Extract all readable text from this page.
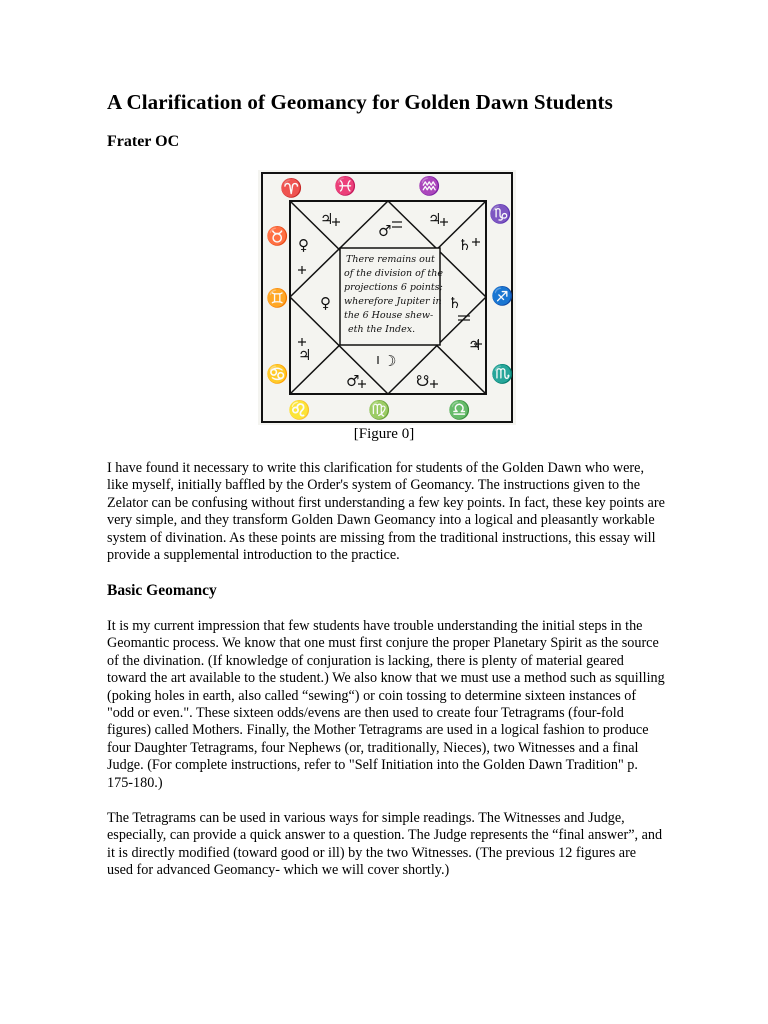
A Clarification of Geomancy for Golden Dawn Students

Frater OC

There remains out
of the division of the
projections 6 points;
wherefore Jupiter in
the 6 House shew-
eth the Index.
♈ ♓	♒
♑
♐
♏
♌	♍	♎
♉
♊
♋
♃
♂
♃
♄
♀
♀	♄
♃
♃
☽
♂	☋
[Figure 0]

I have found it necessary to write this clarification for students of the Golden Dawn who were, like myself, initially baffled by the Order's system of Geomancy. The instructions given to the Zelator can be confusing without first understanding a few key points. In fact, these key points are very simple, and they transform Golden Dawn Geomancy into a logical and pleasantly workable system of divination. As these points are missing from the traditional instructions, this essay will provide a supplemental introduction to the practice.

Basic Geomancy

It is my current impression that few students have trouble understanding the initial steps in the Geomantic process. We know that one must first conjure the proper Planetary Spirit as the source of the divination. (If knowledge of conjuration is lacking, there is plenty of material geared toward the art available to the student.) We also know that we must use a method such as squilling (poking holes in earth, also called “sewing“) or coin tossing to determine sixteen instances of "odd or even.". These sixteen odds/evens are then used to create four Tetragrams (four-fold figures) called Mothers. Finally, the Mother Tetragrams are used in a logical fashion to produce four Daughter Tetragrams, four Nephews (or, traditionally, Nieces), two Witnesses and a final Judge. (For complete instructions, refer to "Self Initiation into the Golden Dawn Tradition" p. 175-180.)

The Tetragrams can be used in various ways for simple readings. The Witnesses and Judge, especially, can provide a quick answer to a question. The Judge represents the “final answer”, and it is directly modified (toward good or ill) by the two Witnesses. (The previous 12 figures are used for advanced Geomancy- which we will cover shortly.)
